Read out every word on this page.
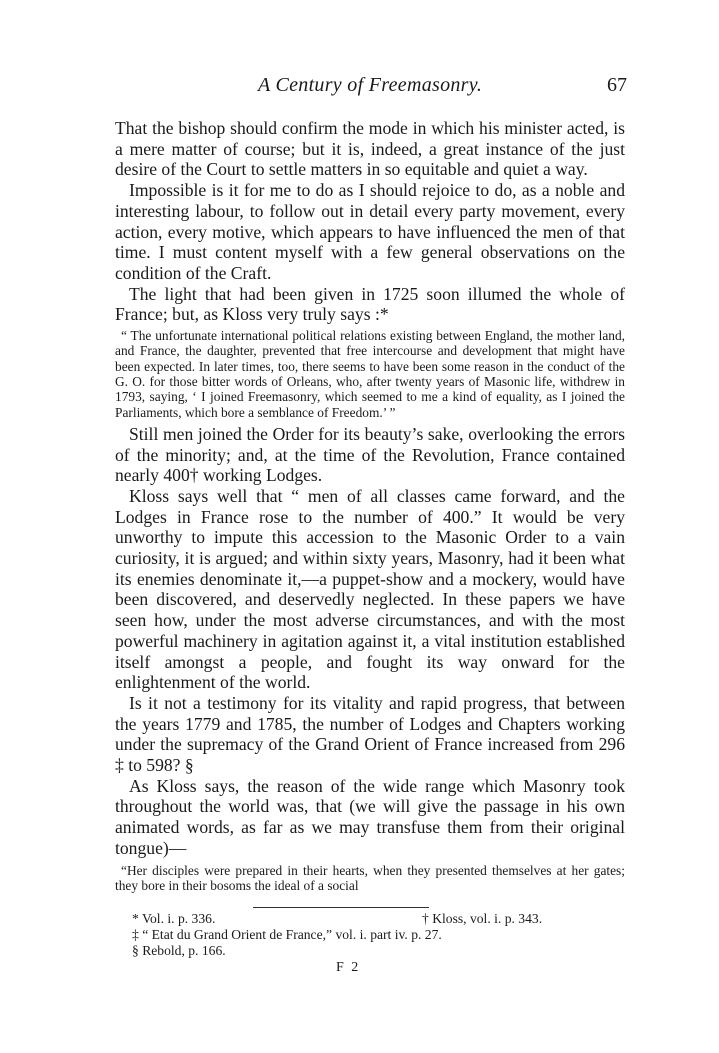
A Century of Freemasonry.	67

That the bishop should confirm the mode in which his minister acted, is a mere matter of course; but it is, indeed, a great instance of the just desire of the Court to settle matters in so equitable and quiet a way.

Impossible is it for me to do as I should rejoice to do, as a noble and interesting labour, to follow out in detail every party movement, every action, every motive, which appears to have influenced the men of that time. I must content myself with a few general observations on the condition of the Craft.

The light that had been given in 1725 soon illumed the whole of France; but, as Kloss very truly says :*

“ The unfortunate international political relations existing between England, the mother land, and France, the daughter, prevented that free intercourse and development that might have been expected. In later times, too, there seems to have been some reason in the conduct of the G. O. for those bitter words of Orleans, who, after twenty years of Masonic life, withdrew in 1793, saying, ‘ I joined Freemasonry, which seemed to me a kind of equality, as I joined the Parliaments, which bore a semblance of Freedom.’ ”

Still men joined the Order for its beauty’s sake, overlooking the errors of the minority; and, at the time of the Revolution, France contained nearly 400† working Lodges.

Kloss says well that “ men of all classes came forward, and the Lodges in France rose to the number of 400.” It would be very unworthy to impute this accession to the Masonic Order to a vain curiosity, it is argued; and within sixty years, Masonry, had it been what its enemies denominate it,—a puppet-show and a mockery, would have been discovered, and deservedly neglected. In these papers we have seen how, under the most adverse circumstances, and with the most powerful machinery in agitation against it, a vital institution established itself amongst a people, and fought its way onward for the enlightenment of the world.

Is it not a testimony for its vitality and rapid progress, that between the years 1779 and 1785, the number of Lodges and Chapters working under the supremacy of the Grand Orient of France increased from 296 ‡ to 598? §

As Kloss says, the reason of the wide range which Masonry took throughout the world was, that (we will give the passage in his own animated words, as far as we may transfuse them from their original tongue)—

“Her disciples were prepared in their hearts, when they presented themselves at her gates; they bore in their bosoms the ideal of a social

* Vol. i. p. 336.	† Kloss, vol. i. p. 343.
‡ “ Etat du Grand Orient de France,” vol. i. part iv. p. 27.
§ Rebold, p. 166.
F 2
